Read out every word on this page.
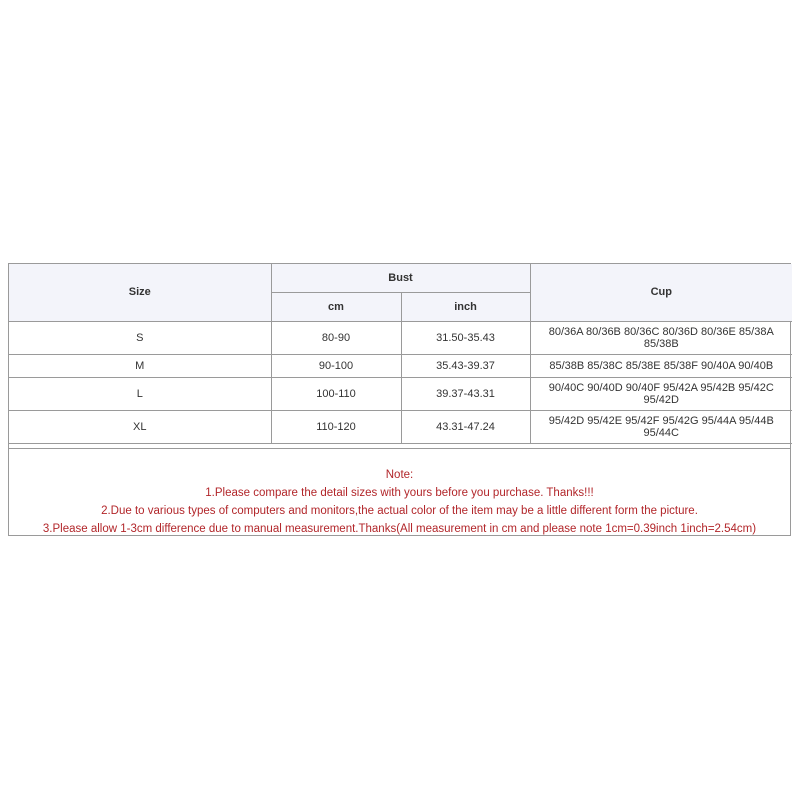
Size	Bust		Cup
	cm	inch	
S	80-90	31.50-35.43	80/36A 80/36B 80/36C 80/36D 80/36E 85/38A 85/38B
M	90-100	35.43-39.37	85/38B 85/38C 85/38E 85/38F 90/40A 90/40B
L	100-110	39.37-43.31	90/40C 90/40D 90/40F 95/42A 95/42B 95/42C 95/42D
XL	110-120	43.31-47.24	95/42D 95/42E 95/42F 95/42G 95/44A 95/44B 95/44C
Note:
1.Please compare the detail sizes with yours before you purchase. Thanks!!!
2.Due to various types of computers and monitors,the actual color of the item may be a little different form the picture.
3.Please allow 1-3cm difference due to manual measurement.Thanks(All measurement in cm and please note 1cm=0.39inch 1inch=2.54cm)
